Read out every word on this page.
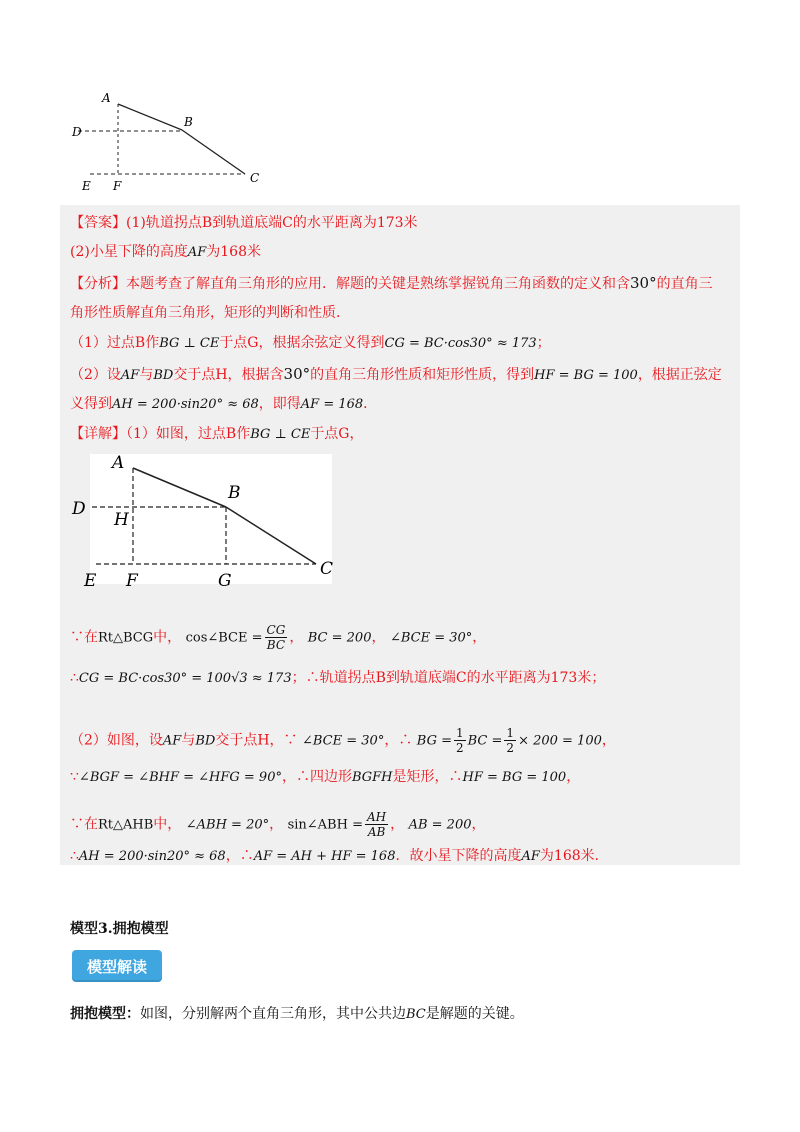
A
B
C
D
E F
【答案】(1)轨道拐点B到轨道底端C的水平距离为173米
(2)小星下降的高度AF为168米
【分析】本题考查了解直角三角形的应用．解题的关键是熟练掌握锐角三角函数的定义和含30°的直角三
角形性质解直角三角形，矩形的判断和性质．
（1）过点B作BG ⊥ CE于点G，根据余弦定义得到CG = BC·cos30° ≈ 173；
（2）设AF与BD交于点H，根据含30°的直角三角形性质和矩形性质，得到HF = BG = 100，根据正弦定
义得到AH = 200·sin20° ≈ 68，即得AF = 168．
【详解】（1）如图，过点B作BG ⊥ CE于点G，
A
B
C
D
H
E F	G
∵在Rt△BCG中， cos∠BCE = $\frac{CG}{BC}$ ， BC = 200， ∠BCE = 30°，
∴CG = BC·cos30° = 100√3 ≈ 173；∴轨道拐点B到轨道底端C的水平距离为173米；
（2）如图，设AF与BD交于点H，∵ ∠BCE = 30°，∴ BG = $\frac{1}{2}$ BC = $\frac{1}{2} \times 200 = 100$，
∵∠BGF = ∠BHF = ∠HFG = 90°，∴四边形BGFH是矩形，∴HF = BG = 100，
∵在Rt△AHB中， ∠ABH = 20°， sin∠ABH = $\frac{AH}{AB}$ ， AB = 200，
∴AH = 200·sin20° ≈ 68，∴AF = AH + HF = 168．故小星下降的高度AF为168米．
模型3.拥抱模型
模型解读
拥抱模型：如图，分别解两个直角三角形，其中公共边BC是解题的关键。
